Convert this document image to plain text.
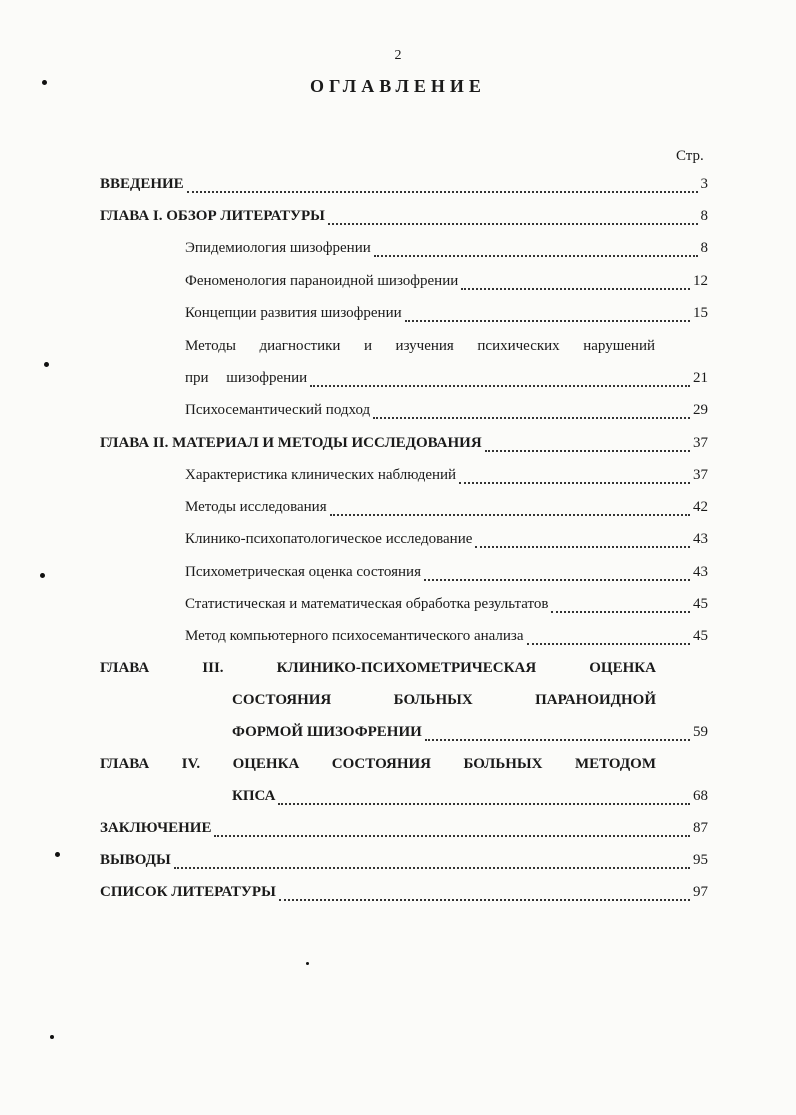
2
ОГЛАВЛЕНИЕ
Стр.
ВВЕДЕНИЕ	3
ГЛАВА I. ОБЗОР ЛИТЕРАТУРЫ	8
Эпидемиология шизофрении	8
Феноменология параноидной шизофрении	12
Концепции развития шизофрении	15
Методы диагностики и изучения психических нарушений
при шизофрении	21
Психосемантический подход	29
ГЛАВА II. МАТЕРИАЛ И МЕТОДЫ ИССЛЕДОВАНИЯ	37
Характеристика клинических наблюдений	37
Методы исследования	42
Клинико-психопатологическое исследование	43
Психометрическая оценка состояния	43
Статистическая и математическая обработка результатов	45
Метод компьютерного психосемантического анализа	45
ГЛАВА III. КЛИНИКО-ПСИХОМЕТРИЧЕСКАЯ ОЦЕНКА
СОСТОЯНИЯ БОЛЬНЫХ ПАРАНОИДНОЙ
ФОРМОЙ ШИЗОФРЕНИИ	59
ГЛАВА IV. ОЦЕНКА СОСТОЯНИЯ БОЛЬНЫХ МЕТОДОМ
КПСА	68
ЗАКЛЮЧЕНИЕ	87
ВЫВОДЫ	95
СПИСОК ЛИТЕРАТУРЫ	97
